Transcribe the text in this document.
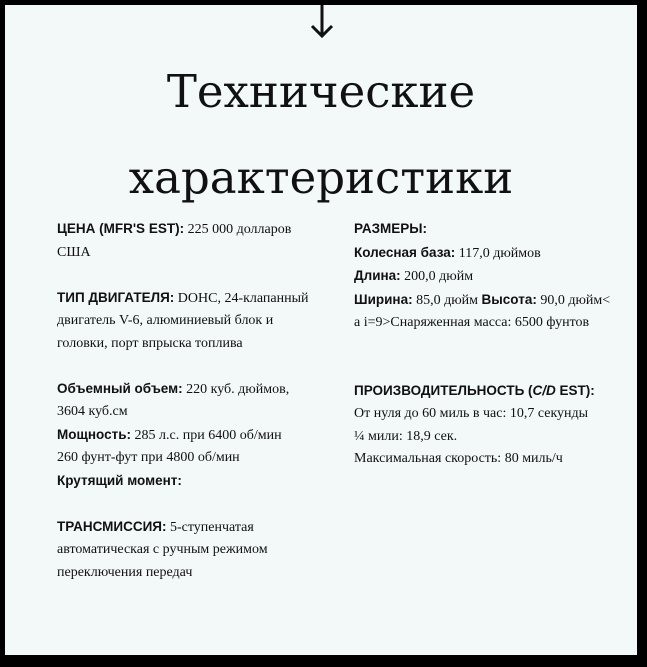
Технические
характеристики

ЦЕНА (MFR'S EST): 225 000 долларов США

ТИП ДВИГАТЕЛЯ: DOHC, 24-клапанный двигатель V-6, алюминиевый блок и головки, порт впрыска топлива

Объемный объем: 220 куб. дюймов, 3604 куб.см
Мощность: 285 л.с. при 6400 об/мин
260 фунт-фут при 4800 об/мин
Крутящий момент:

ТРАНСМИССИЯ: 5-ступенчатая автоматическая с ручным режимом переключения передач

РАЗМЕРЫ:
Колесная база: 117,0 дюймов
Длина: 200,0 дюйм
Ширина: 85,0 дюйм Высота: 90,0 дюйм< a i=9>Снаряженная масса: 6500 фунтов

ПРОИЗВОДИТЕЛЬНОСТЬ (C/D EST):
От нуля до 60 миль в час: 10,7 секунды
¼ мили: 18,9 сек.
Максимальная скорость: 80 миль/ч
